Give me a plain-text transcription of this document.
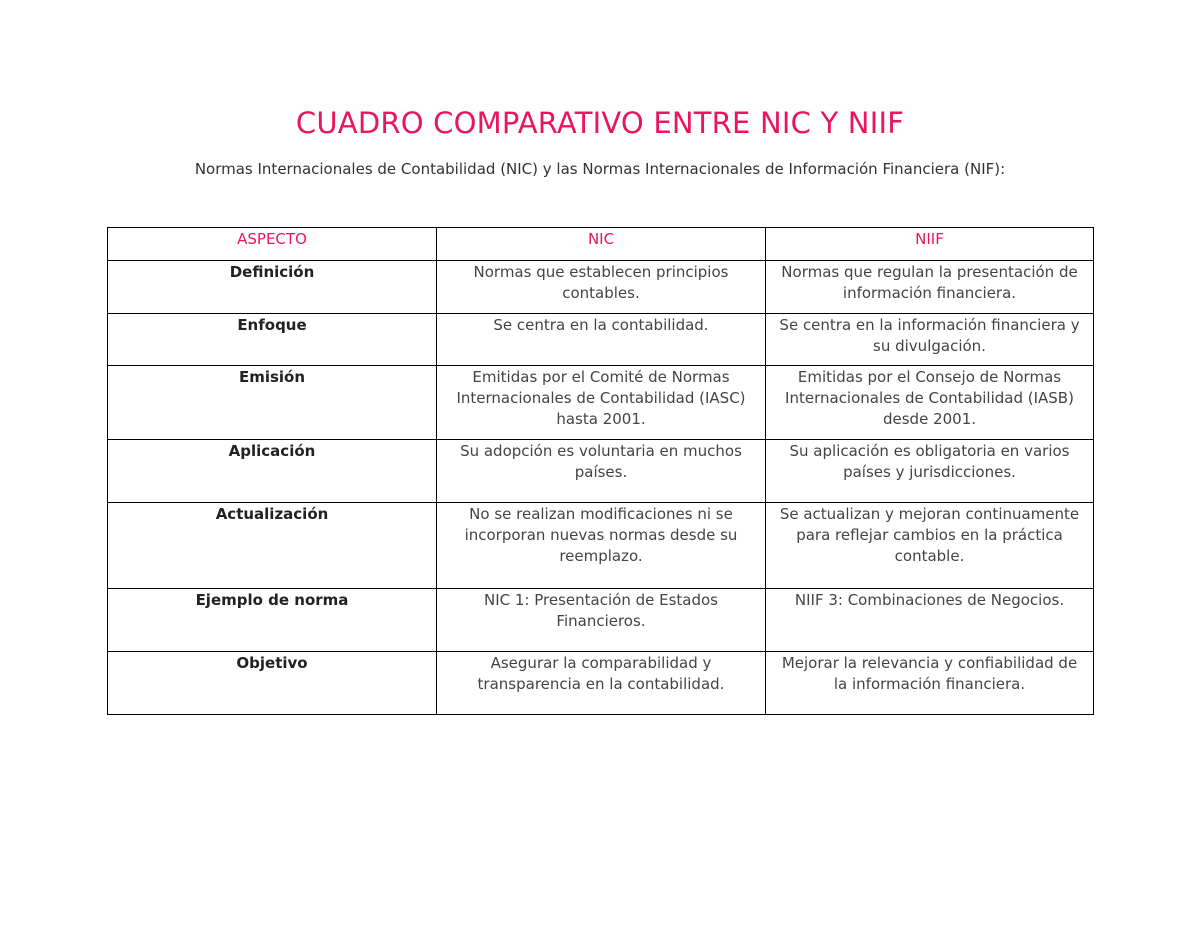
CUADRO COMPARATIVO ENTRE NIC Y NIIF

Normas Internacionales de Contabilidad (NIC) y las Normas Internacionales de Información Financiera (NIF):

ASPECTO	NIC	NIIF
Definición	Normas que establecen principios contables.	Normas que regulan la presentación de información financiera.
Enfoque	Se centra en la contabilidad.	Se centra en la información financiera y su divulgación.
Emisión	Emitidas por el Comité de Normas Internacionales de Contabilidad (IASC) hasta 2001.	Emitidas por el Consejo de Normas Internacionales de Contabilidad (IASB) desde 2001.
Aplicación	Su adopción es voluntaria en muchos países.	Su aplicación es obligatoria en varios países y jurisdicciones.
Actualización	No se realizan modificaciones ni se incorporan nuevas normas desde su reemplazo.	Se actualizan y mejoran continuamente para reflejar cambios en la práctica contable.
Ejemplo de norma	NIC 1: Presentación de Estados Financieros.	NIIF 3: Combinaciones de Negocios.
Objetivo	Asegurar la comparabilidad y transparencia en la contabilidad.	Mejorar la relevancia y confiabilidad de la información financiera.
